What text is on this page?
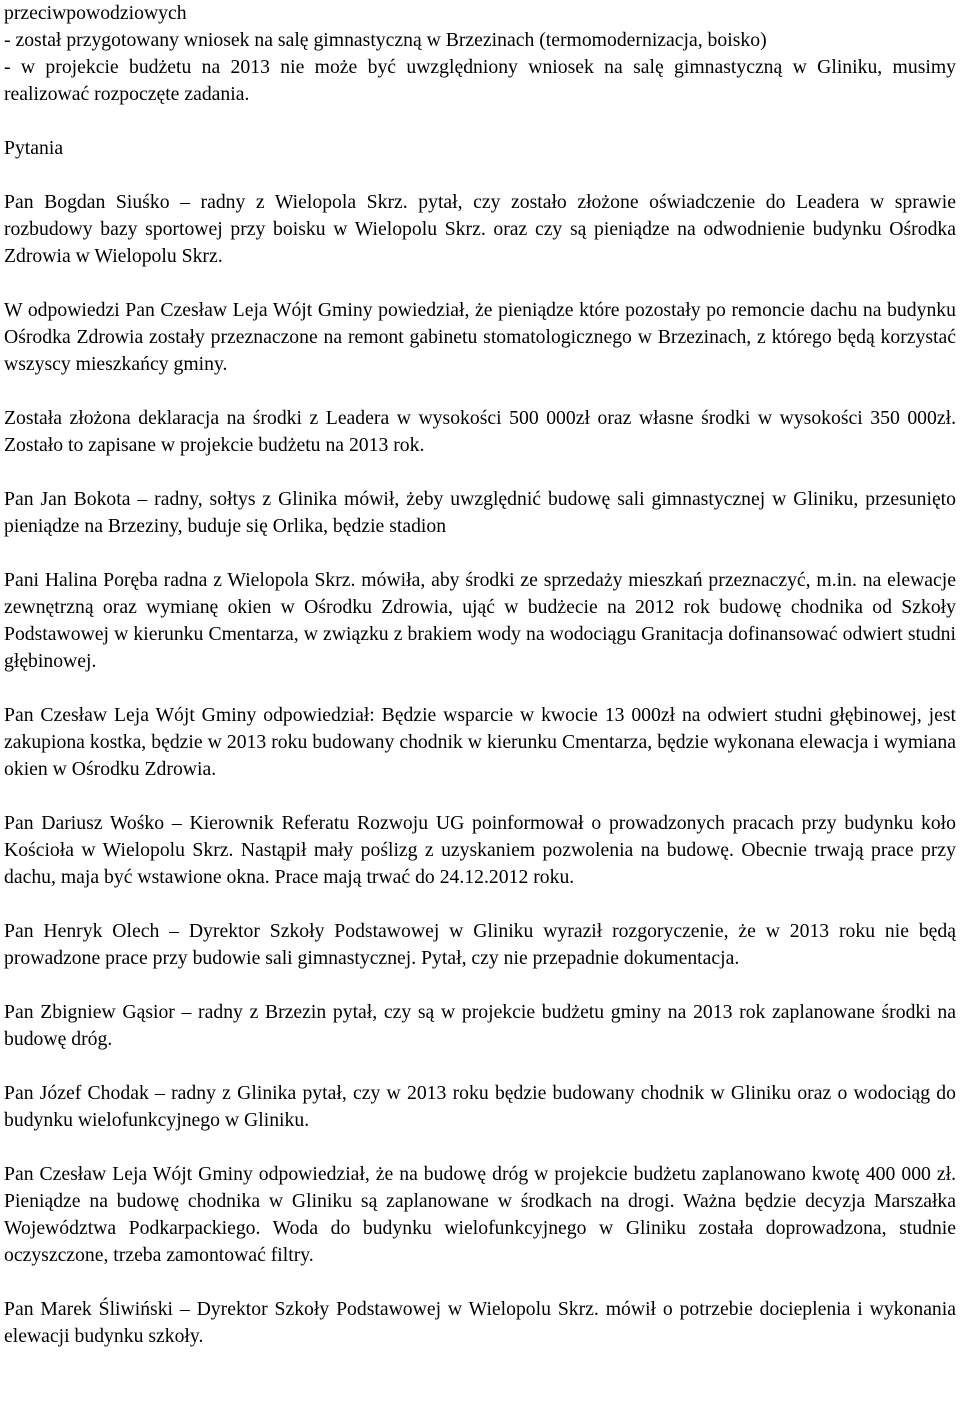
przeciwpowodziowych

- został przygotowany wniosek na salę gimnastyczną w Brzezinach (termomodernizacja, boisko)

- w projekcie budżetu na 2013 nie może być uwzględniony wniosek na salę gimnastyczną w Gliniku, musimy realizować rozpoczęte zadania.

Pytania

Pan Bogdan Siuśko – radny z Wielopola Skrz. pytał, czy zostało złożone oświadczenie do Leadera w sprawie rozbudowy bazy sportowej przy boisku w Wielopolu Skrz. oraz czy są pieniądze na odwodnienie budynku Ośrodka Zdrowia w Wielopolu Skrz.

W odpowiedzi Pan Czesław Leja Wójt Gminy powiedział, że pieniądze które pozostały po remoncie dachu na budynku Ośrodka Zdrowia zostały przeznaczone na remont gabinetu stomatologicznego w Brzezinach, z którego będą korzystać wszyscy mieszkańcy gminy.

Została złożona deklaracja na środki z Leadera w wysokości 500 000zł oraz własne środki w wysokości 350 000zł. Zostało to zapisane w projekcie budżetu na 2013 rok.

Pan Jan Bokota – radny, sołtys z Glinika mówił, żeby uwzględnić budowę sali gimnastycznej w Gliniku, przesunięto pieniądze na Brzeziny, buduje się Orlika, będzie stadion

Pani Halina Poręba radna z Wielopola Skrz. mówiła, aby środki ze sprzedaży mieszkań przeznaczyć, m.in. na elewacje zewnętrzną oraz wymianę okien w Ośrodku Zdrowia, ująć w budżecie na 2012 rok budowę chodnika od Szkoły Podstawowej w kierunku Cmentarza, w związku z brakiem wody na wodociągu Granitacja dofinansować odwiert studni głębinowej.

Pan Czesław Leja Wójt Gminy odpowiedział: Będzie wsparcie w kwocie 13 000zł na odwiert studni głębinowej, jest zakupiona kostka, będzie w 2013 roku budowany chodnik w kierunku Cmentarza, będzie wykonana elewacja i wymiana okien w Ośrodku Zdrowia.

Pan Dariusz Wośko – Kierownik Referatu Rozwoju UG poinformował o prowadzonych pracach przy budynku koło Kościoła w Wielopolu Skrz. Nastąpił mały poślizg z uzyskaniem pozwolenia na budowę. Obecnie trwają prace przy dachu, maja być wstawione okna. Prace mają trwać do 24.12.2012 roku.

Pan Henryk Olech – Dyrektor Szkoły Podstawowej w Gliniku wyraził rozgoryczenie, że w 2013 roku nie będą prowadzone prace przy budowie sali gimnastycznej. Pytał, czy nie przepadnie dokumentacja.

Pan Zbigniew Gąsior – radny z Brzezin pytał, czy są w projekcie budżetu gminy na 2013 rok zaplanowane środki na budowę dróg.

Pan Józef Chodak – radny z Glinika pytał, czy w 2013 roku będzie budowany chodnik w Gliniku oraz o wodociąg do budynku wielofunkcyjnego w Gliniku.

Pan Czesław Leja Wójt Gminy odpowiedział, że na budowę dróg w projekcie budżetu zaplanowano kwotę 400 000 zł. Pieniądze na budowę chodnika w Gliniku są zaplanowane w środkach na drogi. Ważna będzie decyzja Marszałka Województwa Podkarpackiego. Woda do budynku wielofunkcyjnego w Gliniku została doprowadzona, studnie oczyszczone, trzeba zamontować filtry.

Pan Marek Śliwiński – Dyrektor Szkoły Podstawowej w Wielopolu Skrz. mówił o potrzebie docieplenia i wykonania elewacji budynku szkoły.
